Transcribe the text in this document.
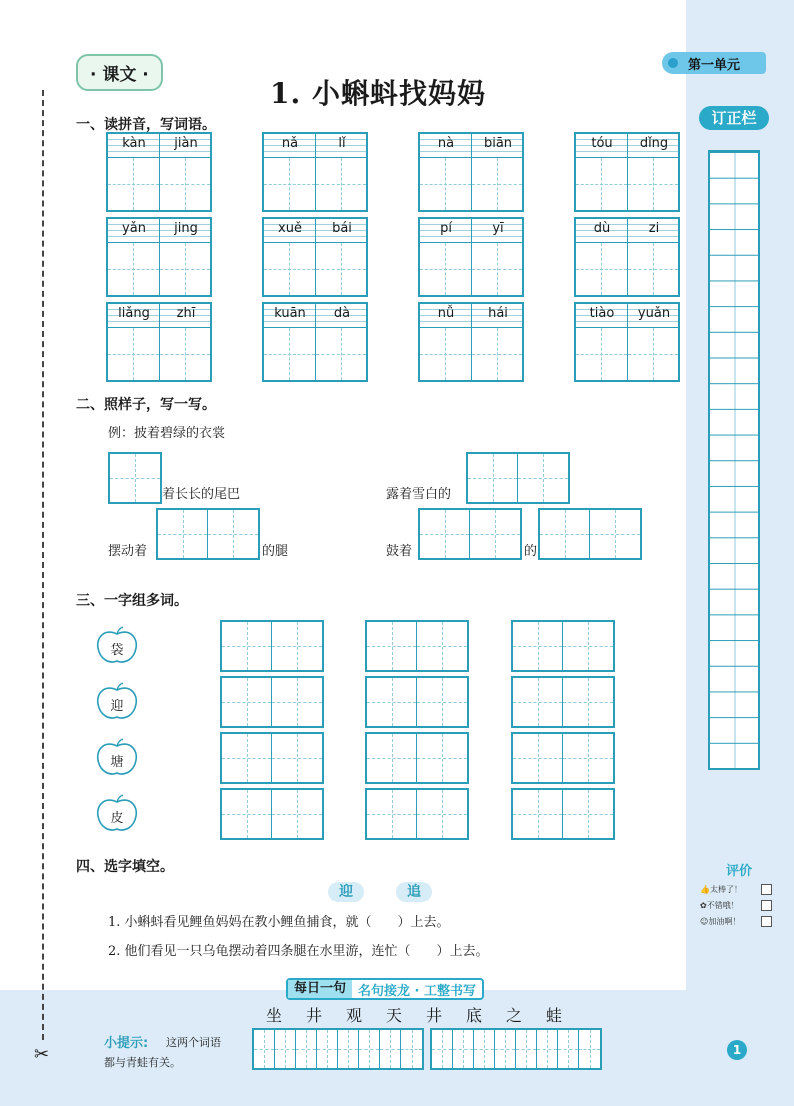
✂
· 课文 ·
1. 小蝌蚪找妈妈
第一单元
订正栏
一、读拼音，写词语。
kàn	jiàn	nǎ	lǐ	nà	biān	tóu	dǐng
yǎn	jing	xuě	bái	pí	yī	dù	zi
liǎng	zhī	kuān	dà	nǚ	hái	tiào	yuǎn
二、照样子，写一写。
例：披着碧绿的衣裳
着长长的尾巴	露着雪白的
摆动着	的腿	鼓着	的
三、一字组多词。
袋
迎
塘
皮
四、选字填空。
迎	追
1. 小蝌蚪看见鲤鱼妈妈在教小鲤鱼捕食，就（　　）上去。
2. 他们看见一只乌龟摆动着四条腿在水里游，连忙（　　）上去。
每日一句 名句接龙 · 工整书写
坐	井	观	天	井	底	之	蛙
小提示: 这两个词语
都与青蛙有关。
评价
👍 太棒了！
✿ 不错哦！
☺ 加油啊！
1
